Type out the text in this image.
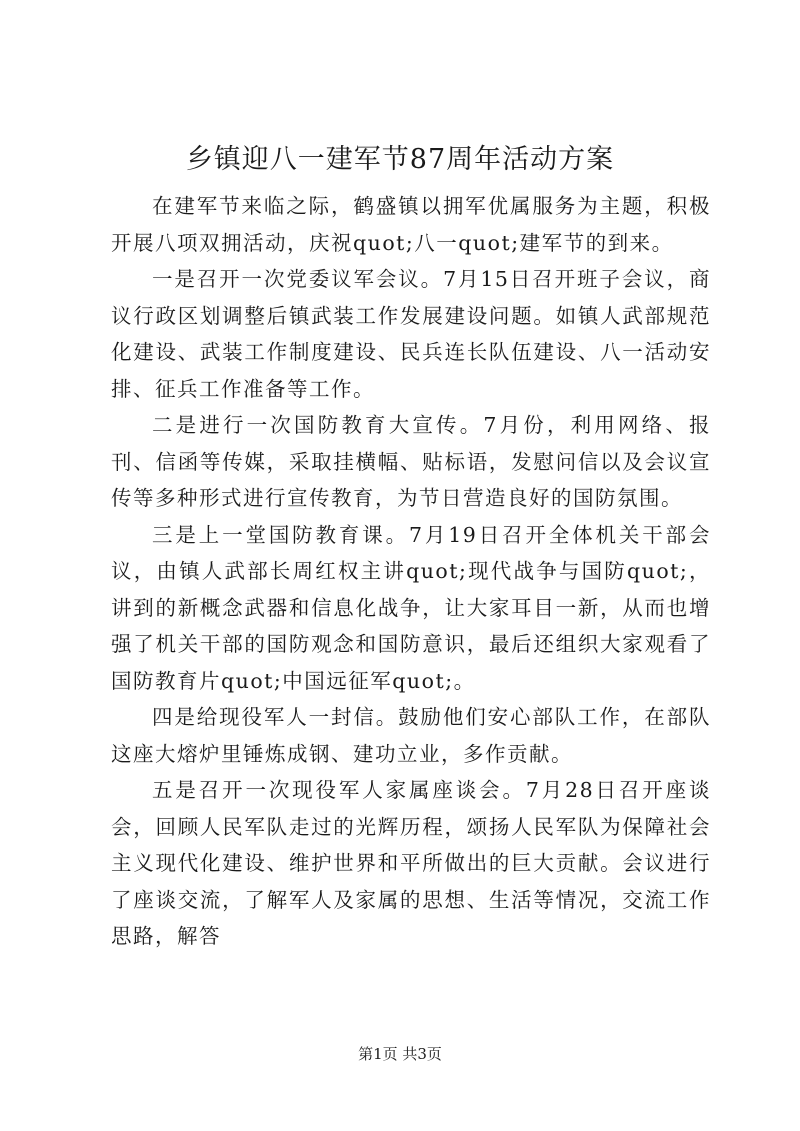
乡镇迎八一建军节87周年活动方案

在建军节来临之际，鹤盛镇以拥军优属服务为主题，积极开展八项双拥活动，庆祝quot;八一quot;建军节的到来。

一是召开一次党委议军会议。7月15日召开班子会议，商议行政区划调整后镇武装工作发展建设问题。如镇人武部规范化建设、武装工作制度建设、民兵连长队伍建设、八一活动安排、征兵工作准备等工作。

二是进行一次国防教育大宣传。7月份，利用网络、报刊、信函等传媒，采取挂横幅、贴标语，发慰问信以及会议宣传等多种形式进行宣传教育，为节日营造良好的国防氛围。

三是上一堂国防教育课。7月19日召开全体机关干部会议，由镇人武部长周红权主讲quot;现代战争与国防quot;，讲到的新概念武器和信息化战争，让大家耳目一新，从而也增强了机关干部的国防观念和国防意识，最后还组织大家观看了国防教育片quot;中国远征军quot;。

四是给现役军人一封信。鼓励他们安心部队工作，在部队这座大熔炉里锤炼成钢、建功立业，多作贡献。

五是召开一次现役军人家属座谈会。7月28日召开座谈会，回顾人民军队走过的光辉历程，颂扬人民军队为保障社会主义现代化建设、维护世界和平所做出的巨大贡献。会议进行了座谈交流，了解军人及家属的思想、生活等情况，交流工作思路，解答

第1页 共3页
